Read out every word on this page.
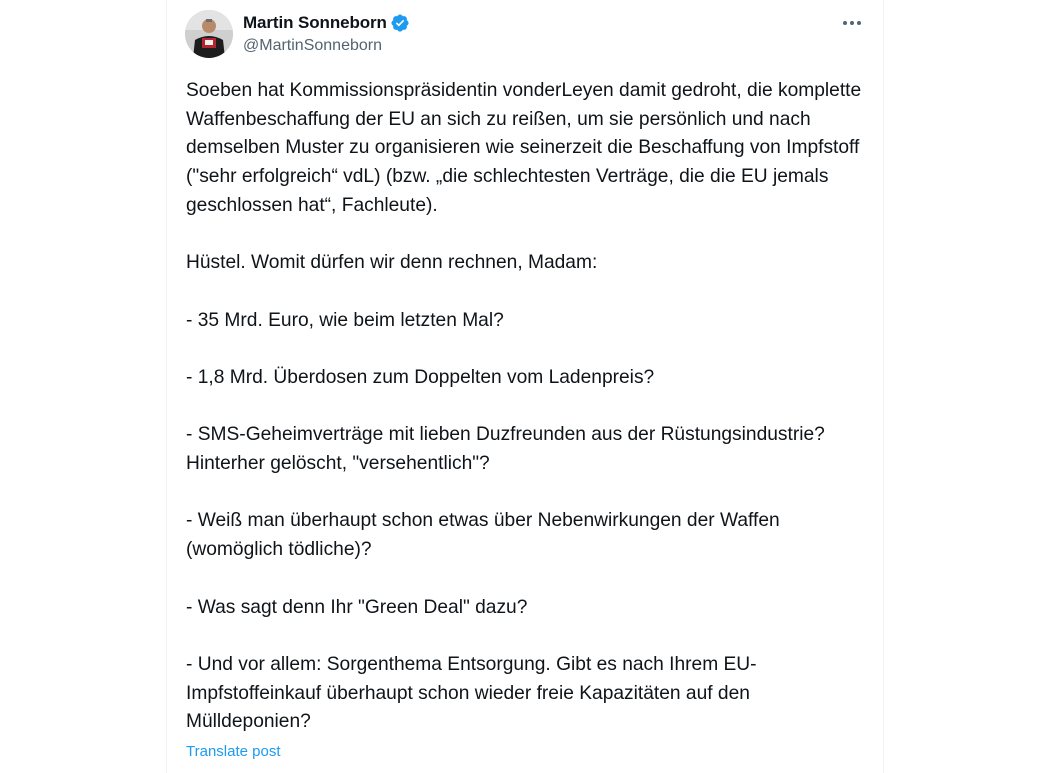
Martin Sonneborn
@MartinSonneborn

Soeben hat Kommissionspräsidentin vonderLeyen damit gedroht, die komplette Waffenbeschaffung der EU an sich zu reißen, um sie persönlich und nach demselben Muster zu organisieren wie seinerzeit die Beschaffung von Impfstoff ("sehr erfolgreich“ vdL) (bzw. „die schlechtesten Verträge, die die EU jemals geschlossen hat“, Fachleute).

Hüstel. Womit dürfen wir denn rechnen, Madam:

- 35 Mrd. Euro, wie beim letzten Mal?

- 1,8 Mrd. Überdosen zum Doppelten vom Ladenpreis?

- SMS-Geheimverträge mit lieben Duzfreunden aus der Rüstungsindustrie? Hinterher gelöscht, "versehentlich"?

- Weiß man überhaupt schon etwas über Nebenwirkungen der Waffen (womöglich tödliche)?

- Was sagt denn Ihr "Green Deal" dazu?

- Und vor allem: Sorgenthema Entsorgung. Gibt es nach Ihrem EU-Impfstoffeinkauf überhaupt schon wieder freie Kapazitäten auf den Mülldeponien?

Translate post
